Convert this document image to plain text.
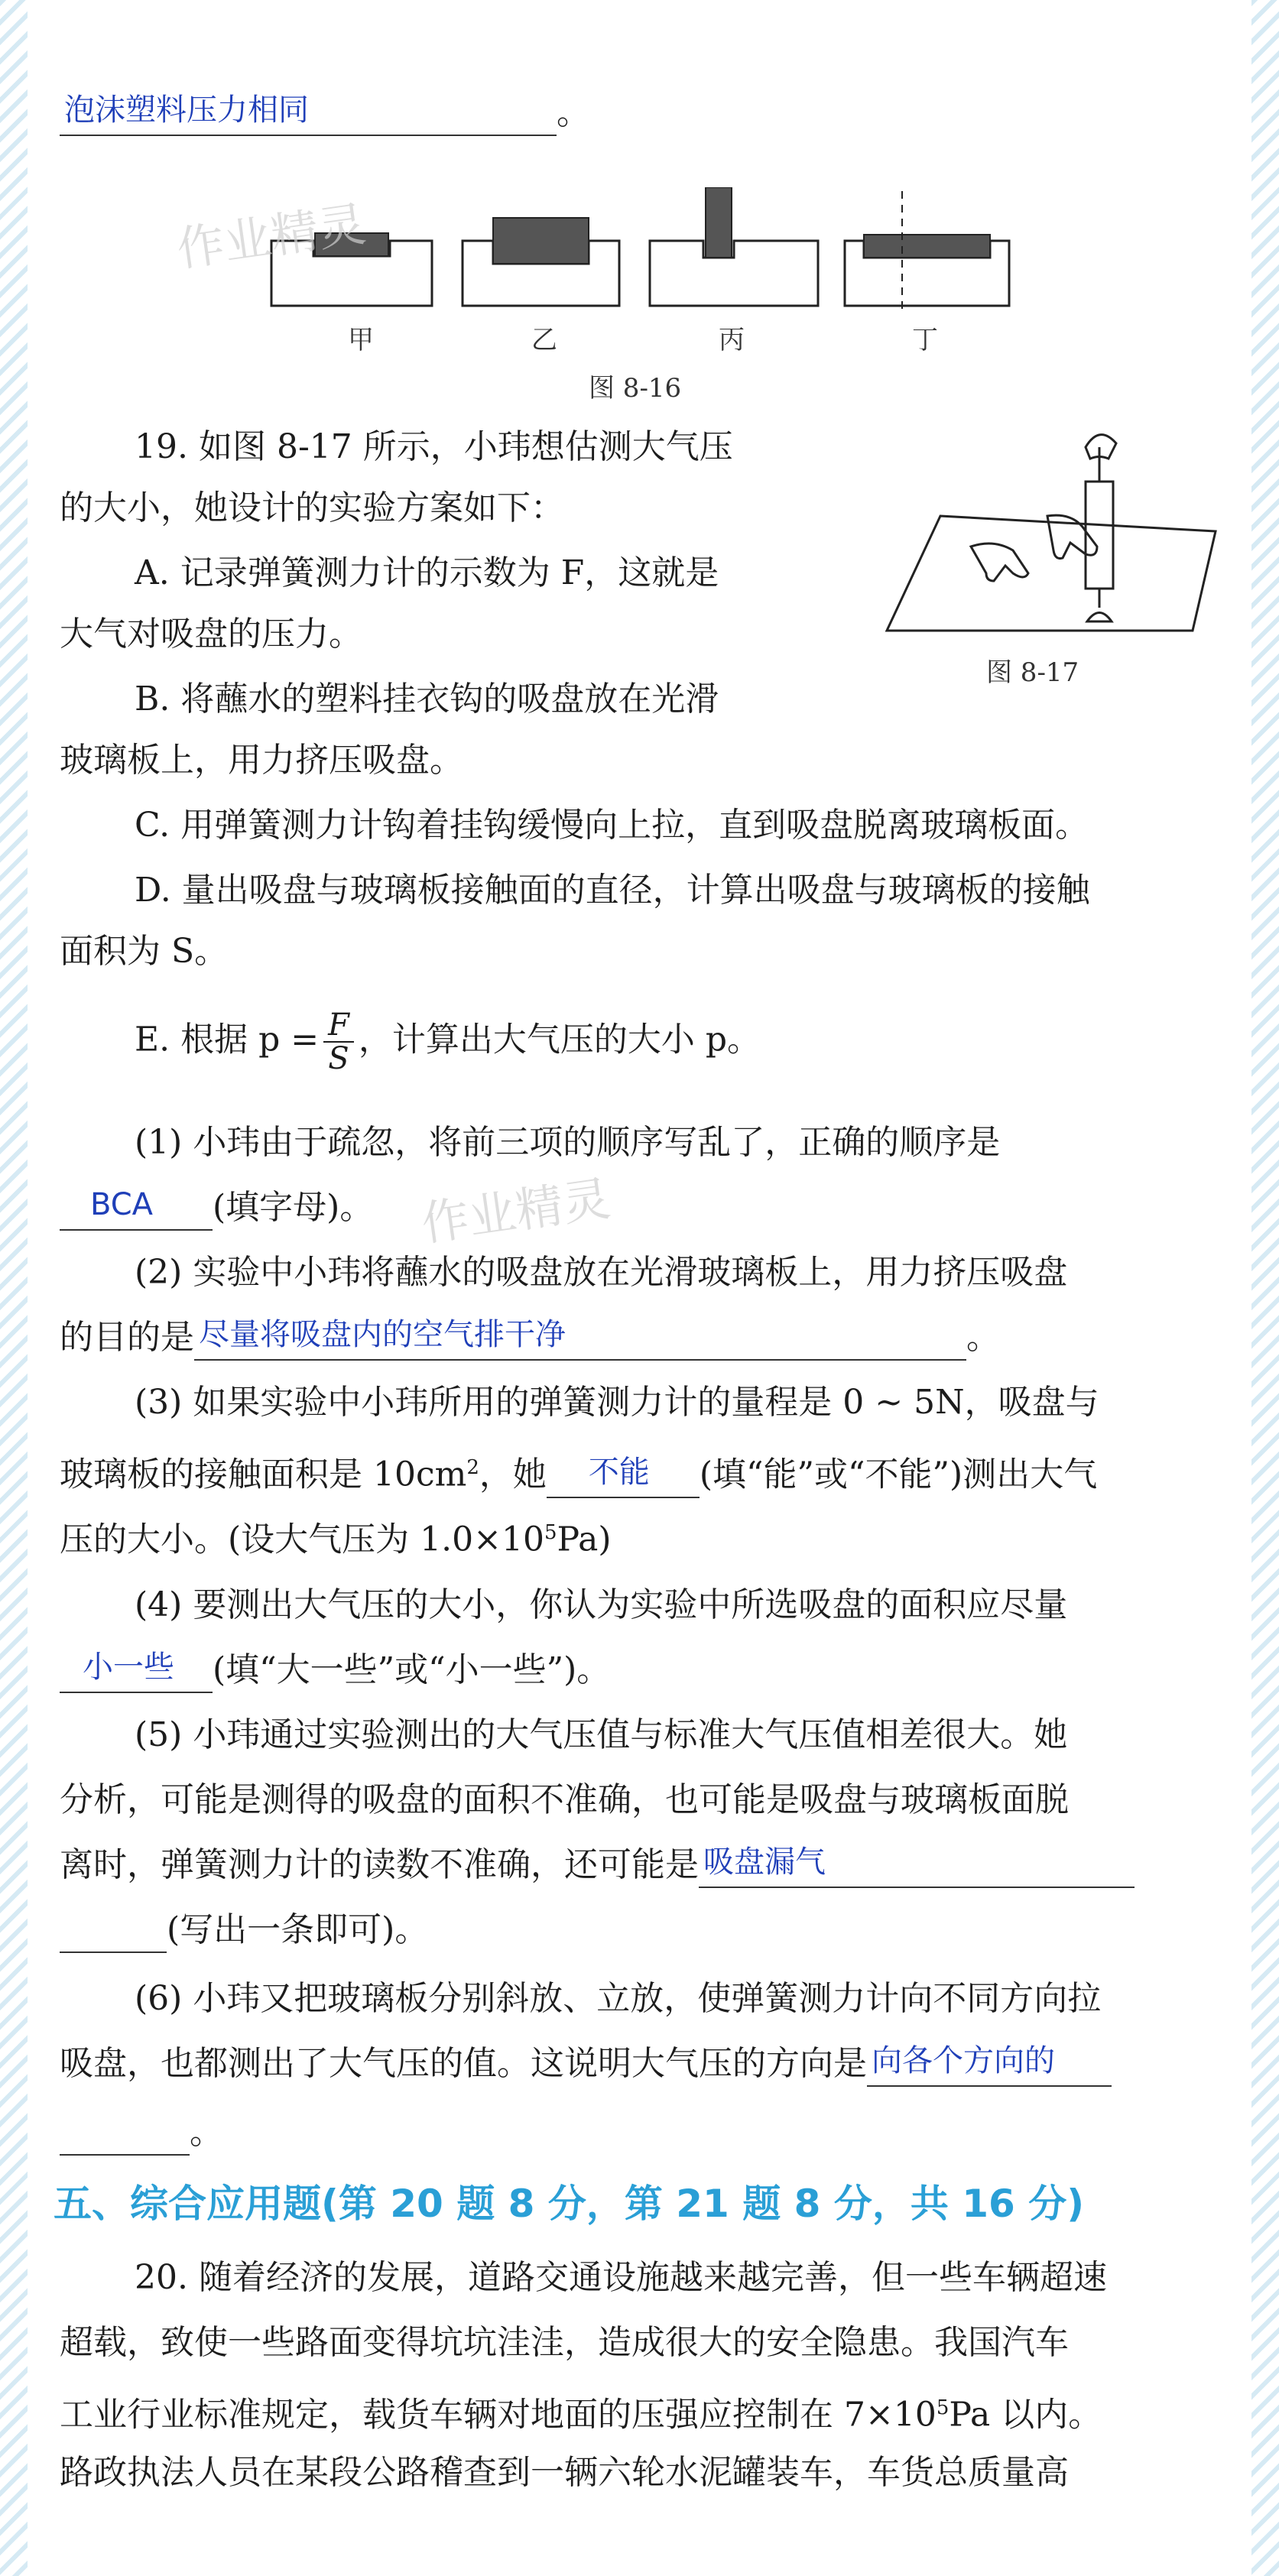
泡沫塑料压力相同	。
甲	乙	丙	丁
图 8-16
作业精灵
作业精灵
图 8-17
19. 如图 8-17 所示，小玮想估测大气压
的大小，她设计的实验方案如下：
A. 记录弹簧测力计的示数为 F，这就是
大气对吸盘的压力。
B. 将蘸水的塑料挂衣钩的吸盘放在光滑
玻璃板上，用力挤压吸盘。
C. 用弹簧测力计钩着挂钩缓慢向上拉，直到吸盘脱离玻璃板面。
D. 量出吸盘与玻璃板接触面的直径，计算出吸盘与玻璃板的接触
面积为 S。
E. 根据 $p = \frac{F}{S}$ ，计算出大气压的大小 p。
(1) 小玮由于疏忽，将前三项的顺序写乱了，正确的顺序是
BCA (填字母)。
(2) 实验中小玮将蘸水的吸盘放在光滑玻璃板上，用力挤压吸盘
的目的是 尽量将吸盘内的空气排干净	。
(3) 如果实验中小玮所用的弹簧测力计的量程是 0 ~ 5N，吸盘与
玻璃板的接触面积是 $10cm^2$，她 不能 (填“能”或“不能”)测出大气
压的大小。(设大气压为 $1.0\times 10^5Pa$)
(4) 要测出大气压的大小，你认为实验中所选吸盘的面积应尽量
小一些 (填“大一些”或“小一些”)。
(5) 小玮通过实验测出的大气压值与标准大气压值相差很大。她
分析，可能是测得的吸盘的面积不准确，也可能是吸盘与玻璃板面脱
离时，弹簧测力计的读数不准确，还可能是 吸盘漏气
(写出一条即可)。
(6) 小玮又把玻璃板分别斜放、立放，使弹簧测力计向不同方向拉
吸盘，也都测出了大气压的值。这说明大气压的方向是 向各个方向的
。
五、综合应用题(第 20 题 8 分，第 21 题 8 分，共 16 分)
20. 随着经济的发展，道路交通设施越来越完善，但一些车辆超速
超载，致使一些路面变得坑坑洼洼，造成很大的安全隐患。我国汽车
工业行业标准规定，载货车辆对地面的压强应控制在 $7\times 10^5Pa$ 以内。
路政执法人员在某段公路稽查到一辆六轮水泥罐装车，车货总质量高
